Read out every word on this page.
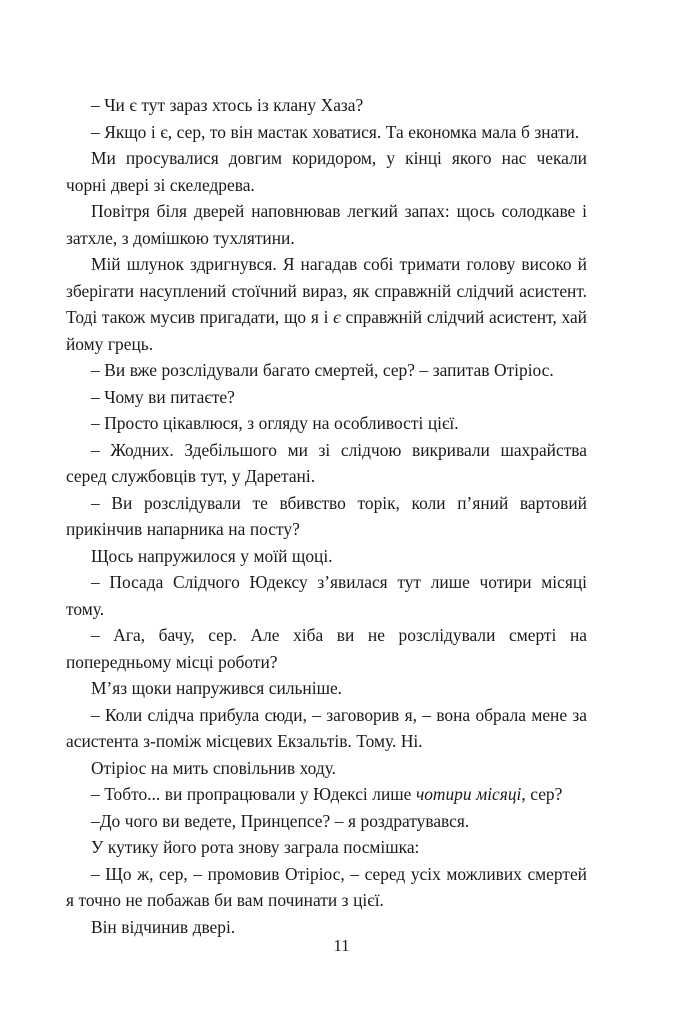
– Чи є тут зараз хтось із клану Хаза?

– Якщо і є, сер, то він мастак ховатися. Та економка мала б знати.

Ми просувалися довгим коридором, у кінці якого нас чекали чорні двері зі скеледрева.

Повітря біля дверей наповнював легкий запах: щось солодкаве і затхле, з домішкою тухлятини.

Мій шлунок здригнувся. Я нагадав собі тримати голову високо й зберігати насуплений стоїчний вираз, як справжній слідчий асистент. Тоді також мусив пригадати, що я і є справжній слідчий асистент, хай йому грець.

– Ви вже розслідували багато смертей, сер? – запитав Отіріос.

– Чому ви питаєте?

– Просто цікавлюся, з огляду на особливості цієї.

– Жодних. Здебільшого ми зі слідчою викривали шахрайства серед службовців тут, у Даретані.

– Ви розслідували те вбивство торік, коли п’яний вартовий прикінчив напарника на посту?

Щось напружилося у моїй щоці.

– Посада Слідчого Юдексу з’явилася тут лише чотири місяці тому.

– Ага, бачу, сер. Але хіба ви не розслідували смерті на попередньому місці роботи?

М’яз щоки напружився сильніше.

– Коли слідча прибула сюди, – заговорив я, – вона обрала мене за асистента з-поміж місцевих Екзальтів. Тому. Ні.

Отіріос на мить сповільнив ходу.

– Тобто... ви пропрацювали у Юдексі лише чотири місяці, сер?

–До чого ви ведете, Принцепсе? – я роздратувався.

У кутику його рота знову заграла посмішка:

– Що ж, сер, – промовив Отіріос, – серед усіх можливих смертей я точно не побажав би вам починати з цієї.

Він відчинив двері.

11
